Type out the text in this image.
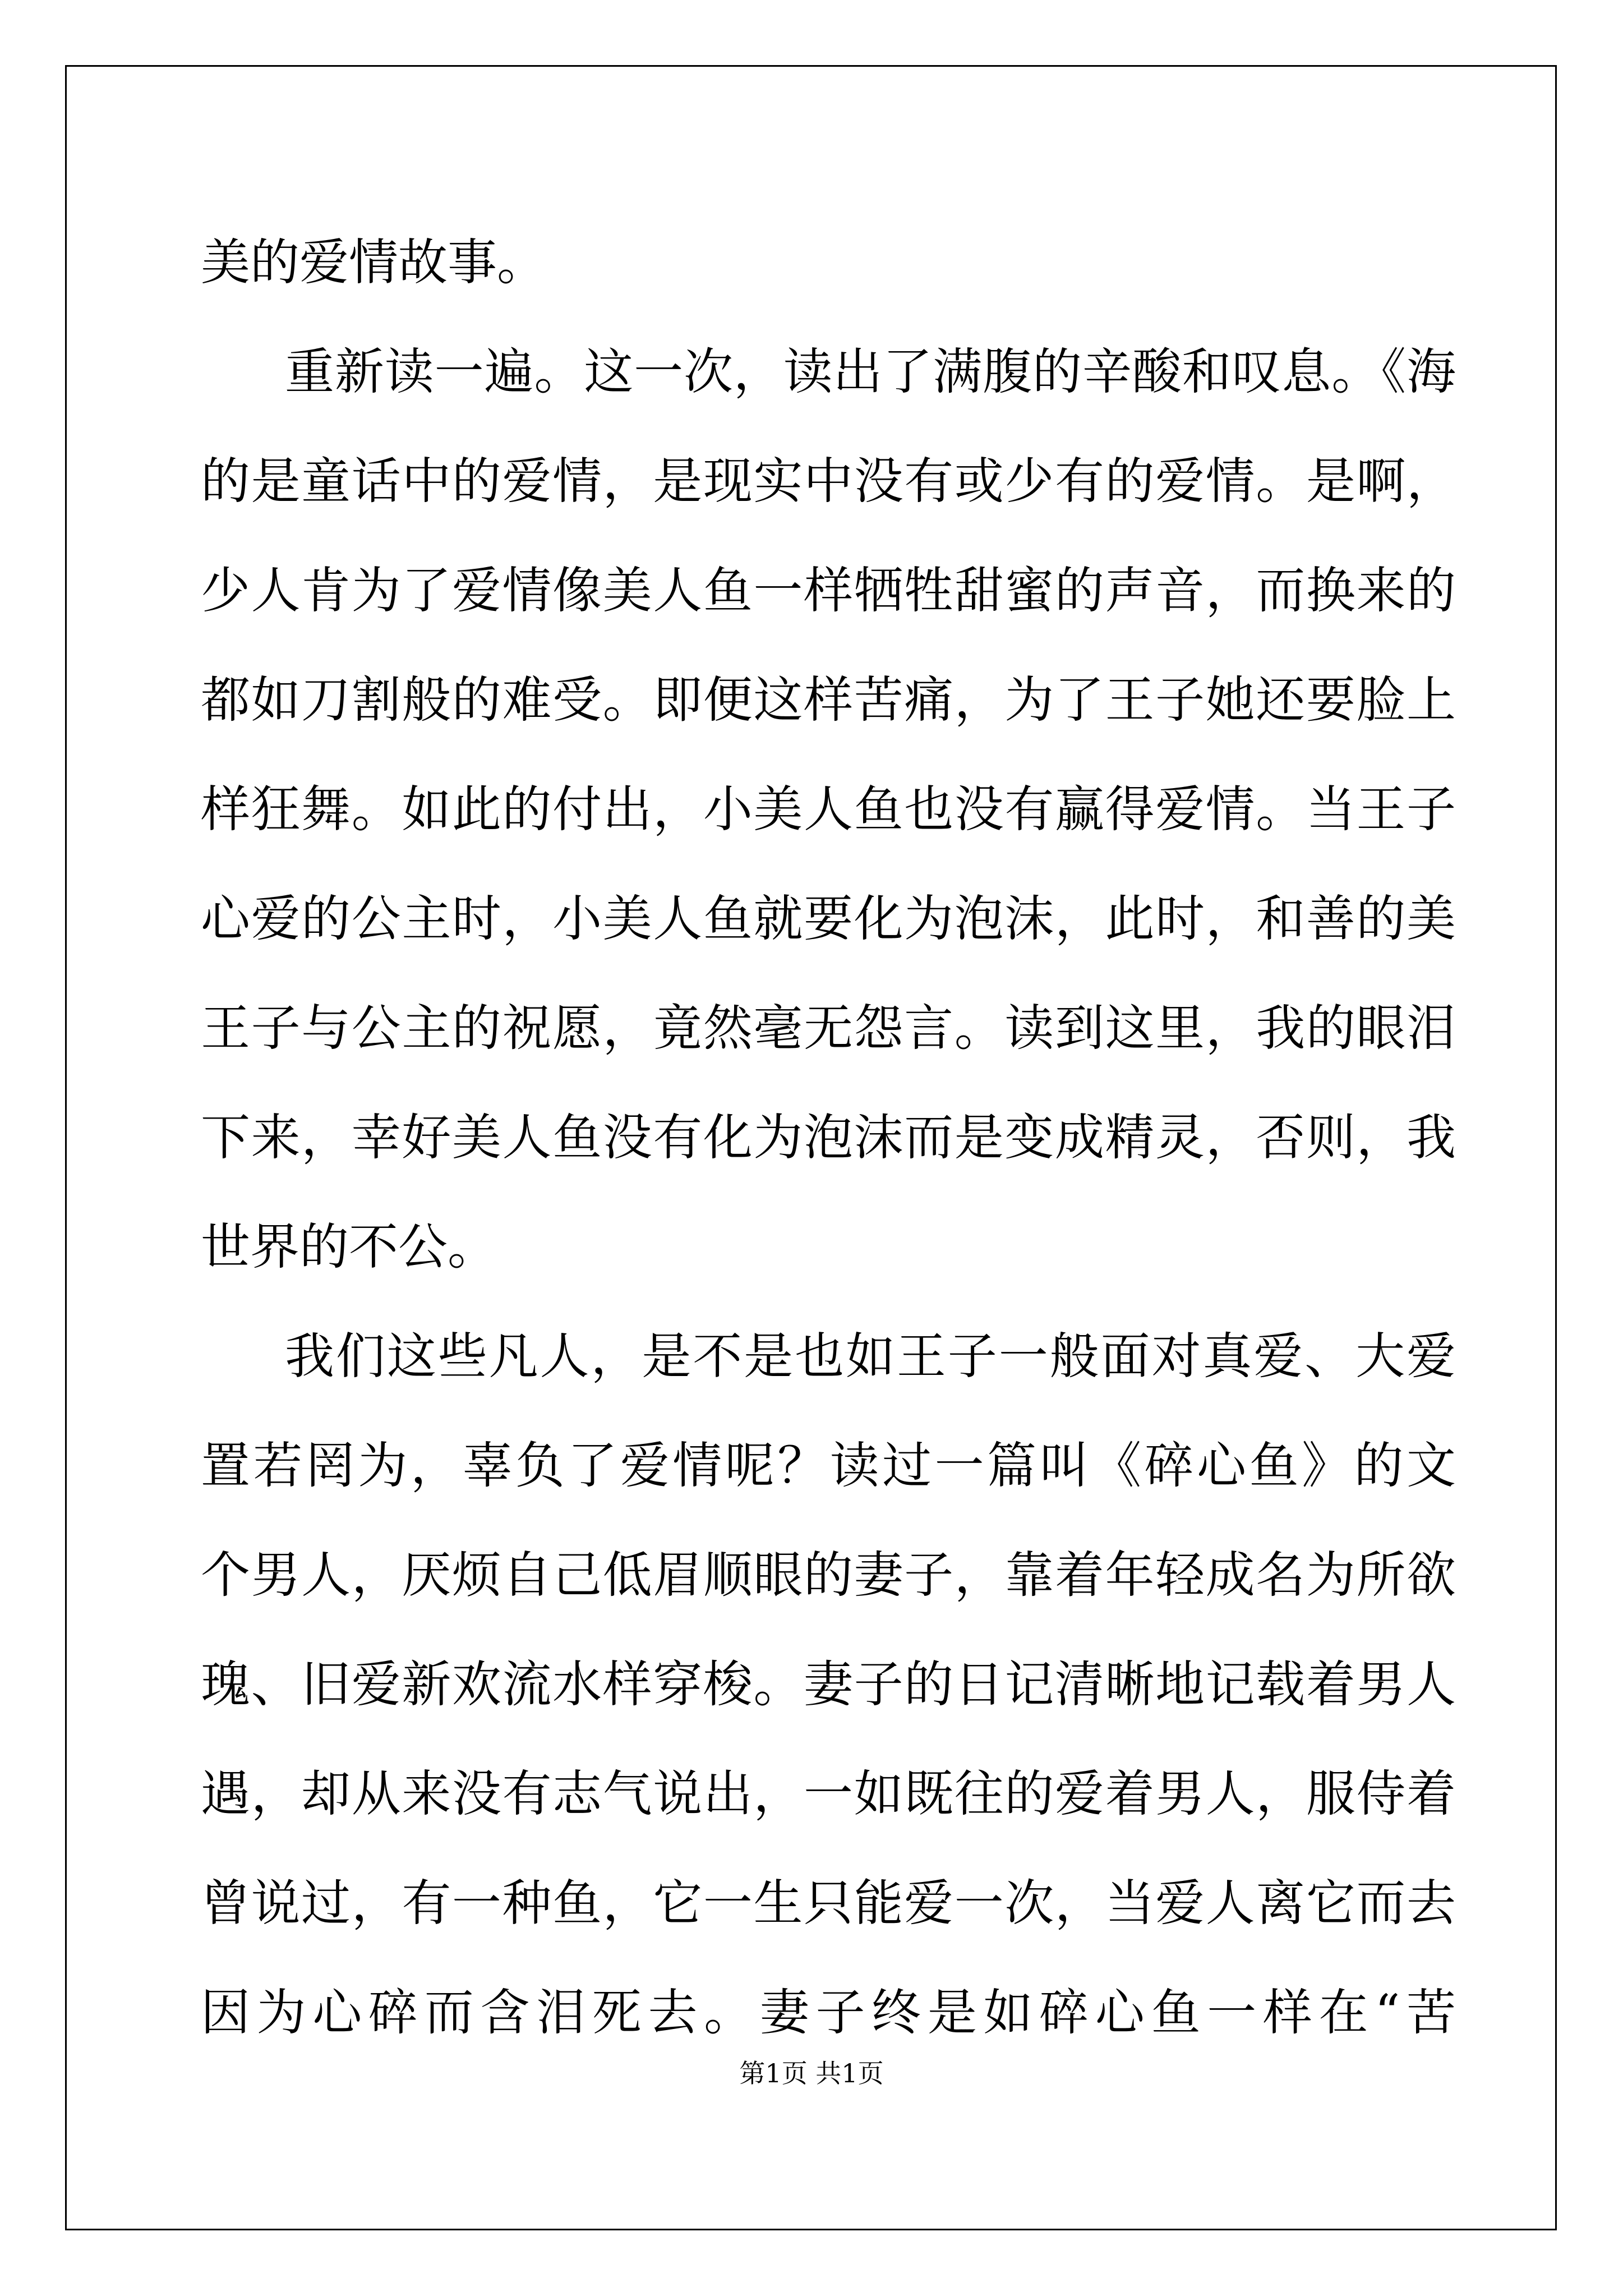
美的爱情故事。
重新读一遍。这一次，读出了满腹的辛酸和叹息。《海
的是童话中的爱情，是现实中没有或少有的爱情。是啊，
少人肯为了爱情像美人鱼一样牺牲甜蜜的声音，而换来的
都如刀割般的难受。即便这样苦痛，为了王子她还要脸上
样狂舞。如此的付出，小美人鱼也没有赢得爱情。当王子
心爱的公主时，小美人鱼就要化为泡沫，此时，和善的美
王子与公主的祝愿，竟然毫无怨言。读到这里，我的眼泪
下来，幸好美人鱼没有化为泡沫而是变成精灵，否则，我
世界的不公。
我们这些凡人，是不是也如王子一般面对真爱、大爱
置若罔为，辜负了爱情呢？读过一篇叫《碎心鱼》的文
个男人，厌烦自己低眉顺眼的妻子，靠着年轻成名为所欲
瑰、旧爱新欢流水样穿梭。妻子的日记清晰地记载着男人
遇，却从来没有志气说出，一如既往的爱着男人，服侍着
曾说过，有一种鱼，它一生只能爱一次，当爱人离它而去
因为心碎而含泪死去。妻子终是如碎心鱼一样在“苦
第1页 共1页
